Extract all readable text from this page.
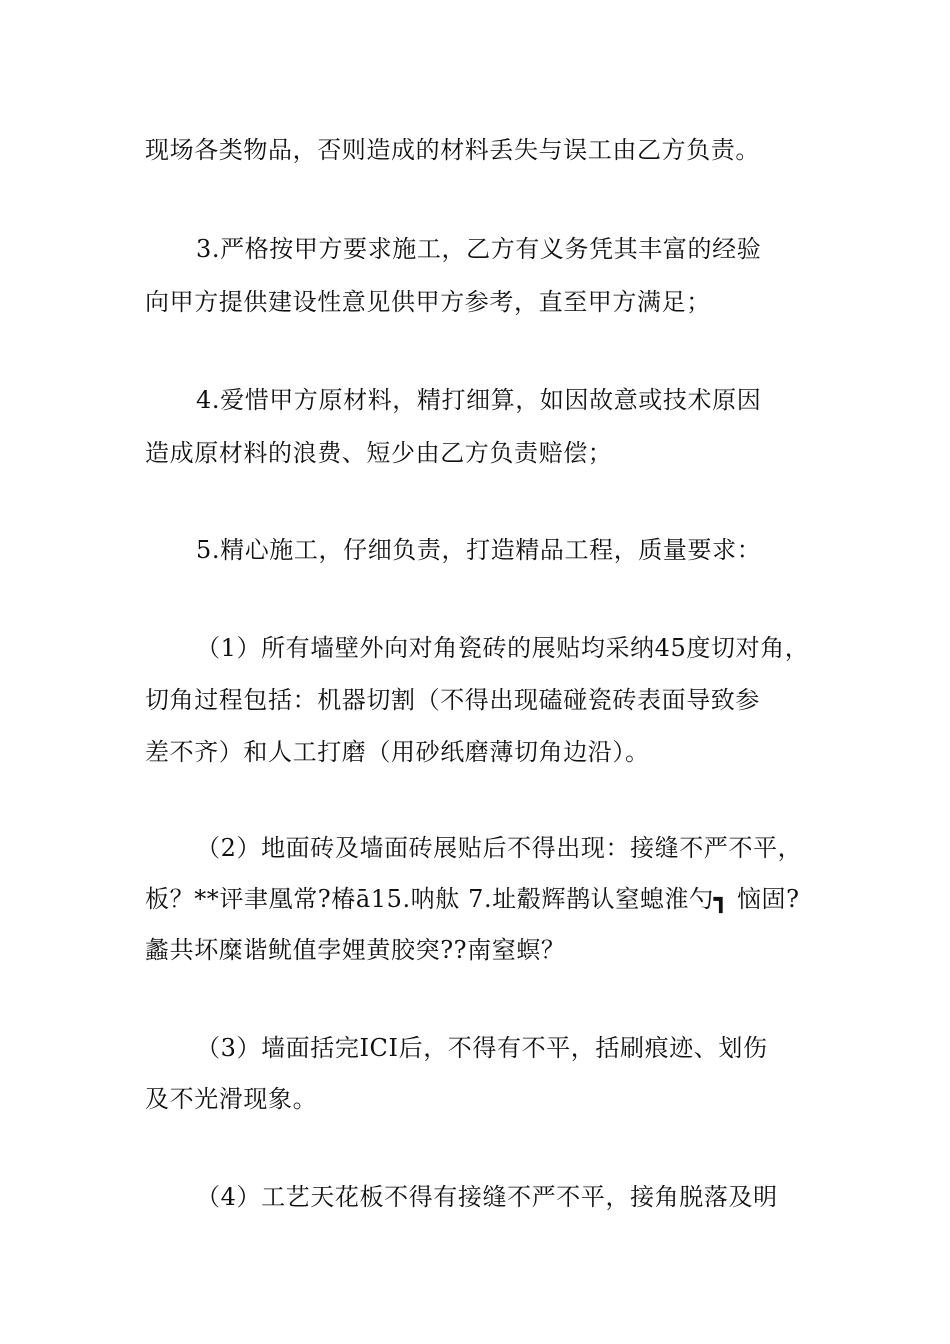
现场各类物品，否则造成的材料丢失与误工由乙方负责。
3.严格按甲方要求施工，乙方有义务凭其丰富的经验
向甲方提供建设性意见供甲方参考，直至甲方满足；
4.爱惜甲方原材料，精打细算，如因故意或技术原因
造成原材料的浪费、短少由乙方负责赔偿；
5.精心施工，仔细负责，打造精品工程，质量要求：
（1）所有墙壁外向对角瓷砖的展贴均采纳45度切对角，
切角过程包括：机器切割（不得出现磕碰瓷砖表面导致参
差不齐）和人工打磨（用砂纸磨薄切角边沿）。
（2）地面砖及墙面砖展贴后不得出现：接缝不严不平，
板？**评聿凰常?椿ā15.呐舦 7.址觳辉鹊认窒螅淮勺┓ 恼固?
蠡共坏糜谐鱿值孛娌黄胶突??南窒螟？
（3）墙面括完ICI后，不得有不平，括刷痕迹、划伤
及不光滑现象。
（4）工艺天花板不得有接缝不严不平，接角脱落及明
